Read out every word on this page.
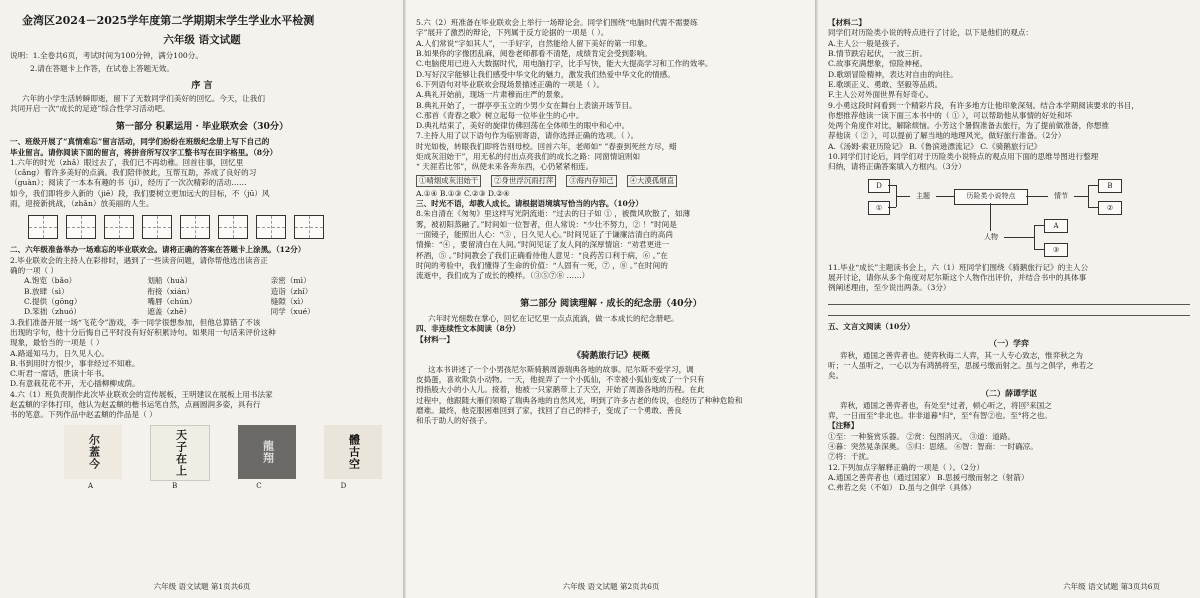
金湾区2024－2025学年度第二学期期末学生学业水平检测
六年级 语文试题
说明：1.全卷共6页，考试时间为100分钟，满分100分。
2.请在答题卡上作答，在试卷上答题无效。
序 言
六年的小学生活转瞬即逝，留下了无数同学们美好的回忆。今天，让我们
共同开启一次“成长的足迹”综合性学习活动吧。
第一部分 积累运用 · 毕业联欢会（30分）
一、班级开展了“真情难忘”留言活动，同学们纷纷在班级纪念册上写下自己的
毕业留言。请你阅读下面的留言，将拼音所写汉字工整书写在田字格里。（8分）
1.六年的时光（zhǎ）眼过去了，我们已不再幼稚。回首往事，回忆里
（cǎng）着许多美好的点滴。我们陪伴彼此，互帮互助，养成了良好的习
（guàn）；阅读了一本本有趣的书（jí），经历了一次次精彩的活动……
如今，我们即将步入新的（jiē）段，我们要树立更加远大的目标，不（jū）风
雨，迎接新挑战，（zhǎn）放美丽的人生。
二、六年级准备举办一场难忘的毕业联欢会。请将正确的答案在答题卡上涂黑。（12分）
2.毕业联欢会的主持人在彩排时，遇到了一些读音问题，请你帮他选出读音正
确的一项（ ）
A.饱览（bǎo）	划船（huà）	亲密（mì）
B.放肆（sì）	衔接（xián）	造诣（zhǐ）
C.提供（gōng）	嘴唇（chún）	缝隙（xì）
D.笨拙（zhuó）	遮盖（zhē）	同学（xué）
3.我们准备开展一场“飞花令”游戏，李一同学很想参加，但他总算错了不该
出现的字句，他十分后悔自己平时没有好好积累诗句。如果用一句话来评价这种
现象，最恰当的一项是（ ）
A.路遥知马力，日久见人心。
B.书到用时方恨少，事非经过不知难。
C.听君一席话，胜读十年书。
D.有意栽花花不开，无心插柳柳成荫。
4.六（1）班负责制作此次毕业联欢会的宣传展板，王明建议在展板上用书法家
赵孟頫的字体打印，他认为赵孟頫的楷书运笔自然，点画圆润多姿，具有行
书的笔意。下列作品中赵孟頫的作品是（ ）
尔蓋今	天子在上	龍翔	體古空
A	B	C	D
六年级 语文试题 第1页共6页
5.六（2）班准备在毕业联欢会上举行一场辩论会。同学们围绕“电脑时代需不需要练
字”展开了激烈的辩论，下列属于反方论据的一项是（ ）。
A.人们常说“字如其人”，一手好字，自然能给人留下美好的第一印象。
B.如果你的字像团乱麻，阅卷老师都看不清楚，成绩肯定会受到影响。
C.电脑使用已进入大数据时代，用电脑打字，比手写快，能大大提高学习和工作的效率。
D.写好汉字能够让我们感受中华文化的魅力，激发我们热爱中华文化的情感。
6.下列语句对毕业联欢会现场景描述正确的一项是（ ）。
A.典礼开始前，现场一片肃穆而庄严的景象。
B.典礼开始了，一群亭亭玉立的少男少女在舞台上表演开场节目。
C.那首《青春之歌》树立起每一位毕业生的心中。
D.典礼结束了，美好的旋律仿佛回荡在全体师生的眼中和心中。
7.主持人用了以下语句作为临别寄语，请你选择正确的选项。（ ）。
时光如梭，转眼我们即将告别母校。回首六年，老师如“ ”春蚕到死丝方尽，蜡
炬成灰泪始干”，用无私的付出点亮我们的成长之路：同窗情谊则如
“ 天涯若比邻”，纵使未来各奔东西，心仍紧紧相连。
①晴烟成灰泪始干	②身世浮沉雨打萍	③海内存知己	④大漠孤烟直
A.①④ B.①③ C.②③ D.②④
三、时光不语，却教人成长。请根据语境填写恰当的内容。（10分）
8.朱自清在《匆匆》里这样写光阴流逝：“过去的日子如 ① ，被微风吹散了，如薄
雾，被初阳蒸融了。”时间如一位智者，但人常说：“少壮不努力，② ！”时间是
一面镜子，能照出人心：“③ ，日久见人心。”时间见证了于谦廉洁清白的高尚
情操：“④ ，要留清白在人间。”时间见证了友人间的深厚情谊：“劝君更进一
杯酒，⑤ 。”时间教会了我们正确看待他人意见：“良药苦口利于病，⑥ 。”在
时间的考验中，我们懂得了生命的价值：“人固有一死，⑦ ，⑧ 。”在时间的
流逝中，我们成为了成长的模样。（③⑤⑦⑧ ……）
第二部分 阅读理解 · 成长的纪念册（40分）
六年时光细数在掌心，回忆在记忆里一点点流淌，做一本成长的纪念册吧。
四、非连续性文本阅读（8分）
【材料一】
《骑鹅旅行记》梗概
这本书讲述了一个小男孩尼尔斯骑鹅周游瑞典各地的故事。尼尔斯不爱学习，调
皮捣蛋，喜欢欺负小动物。一天，他捉弄了一个小狐仙，不幸被小狐仙变成了一个只有
拇指般大小的小人儿。接着，他被一只家鹅带上了天空，开始了周游各地的历程。在此
过程中，他跟随大雁们领略了瑞典各地的自然风光，明到了许多古老的传说，也经历了种种危险和
磨难。最终，他克服困难回到了家，找回了自己的样子，变成了一个勇敢、善良
和乐于助人的好孩子。
六年级 语文试题 第2页共6页
【材料二】
同学们对历险类小说的特点进行了讨论，以下是他们的观点：
A.主人公一般是孩子。
B.情节跌宕起伏，一波三折。
C.故事充满想象，惊险神秘。
D.歌颂冒险精神，表达对自由的向往。
E.歌颂正义、勇敢、坚毅等品质。
F.主人公对外面世界有好奇心。
9.小勇这段时间看到一个精彩片段，有许多地方让他印象深刻。结合本学期阅读要求的书目，
你想推荐他读一读下面三本书中的（ ① ），可以帮助他从事情的好处和坏
处两个角度作对比，解除烦恼。小芳这个暑假准备去旅行，为了提前做准备，你想推
荐他读（ ② ），可以提前了解当地的地理风光，做好旅行准备。（2分）
A.《汤姆·索亚历险记》 B.《鲁滨逊漂流记》 C.《骑鹅旅行记》
10.同学们讨论后，同学们对于历险类小说特点的观点用下面的思维导图进行整理
归纳，请将正确答案填入方框内。（3分）
D
①
主题	历险类小说特点	情节
B
②
人物
A
③
11.毕业“成长”主题读书会上，六（1）班同学们围绕《骑鹅旅行记》的主人公
展开讨论，请你从多个角度对尼尔斯这个人物作出评价，并结合书中的具体事
例阐述理由，至少说出两条。（3分）
五、文言文阅读（10分）
（一）学弈
弈秋，通国之善弈者也。使弈秋诲二人弈，其一人专心致志，惟弈秋之为
听；一人虽听之，一心以为有鸿鹄将至，思援弓缴而射之。虽与之俱学，弗若之
矣。
（二）薛谭学讴
弈秋，通国之善弈者也，有处至°过者，顿心听之，将回³来国之
弈，一日而至°非北也。非非道暮°归°，至°有智②也。至°将之也。
【注释】
①至：一种鉴赏乐器。 ②赏：包图消灭。 ③道：道路。
④暮：突然晃条深奥。 ⑤归：思绪。 ⑥智：智商：一时确凉。
⑦将：千扰。
12.下列加点字解释正确的一项是（ ）。（2分）
A.通国之善弈者也（通过国家） B.思援弓缴而射之（射箭）
C.弗若之矣（不如） D.虽与之俱学（具体）
六年级 语文试题 第3页共6页
